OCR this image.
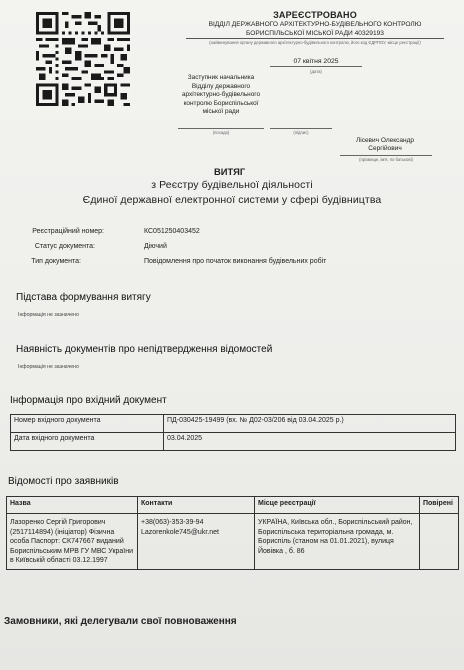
ЗАРЕЄСТРОВАНО
ВІДДІЛ ДЕРЖАВНОГО АРХІТЕКТУРНО-БУДІВЕЛЬНОГО КОНТРОЛЮ БОРИСПІЛЬСЬКОЇ МІСЬКОЇ РАДИ 40329193
(найменування органу державного архітектурно-будівельного контролю, його код ЄДРПОУ, місце реєстрації)
07 квітня 2025
(дата)
Заступник начальника Відділу державного архітектурно-будівельного контролю Бориспільської міської ради
(посада)	(підпис)
Лісевич Олександр Сергійович
(прізвище, ім'я, по батькові)
ВИТЯГ
з Реєстру будівельної діяльності
Єдиної державної електронної системи у сфері будівництва
Реєстраційний номер:	КС051250403452
Статус документа:	Діючий
Тип документа:	Повідомлення про початок виконання будівельних робіт
Підстава формування витягу
Інформація не зазначено
Наявність документів про непідтвердження відомостей
Інформація не зазначено
Інформація про вхідний документ
Номер вхідного документа	ПД-030425-19499 (вх. № Д02-03/206 від 03.04.2025 р.)
Дата вхідного документа	03.04.2025
Відомості про заявників
Назва	Контакти	Місце реєстрації	Повірені
Лазоренко Сергій Григорович (2517114894) (ініціатор) Фізична особа Паспорт: СК747667 виданий Бориспільським МРВ ГУ МВС України в Київській області 03.12.1997	+38(063)-353-39-94 Lazorenkole745@ukr.net	УКРАЇНА, Київська обл., Бориспільський район, Бориспільська територіальна громада, м. Бориспіль (станом на 01.01.2021), вулиця Йовівка , б. 86	
Замовники, які делегували свої повноваження
